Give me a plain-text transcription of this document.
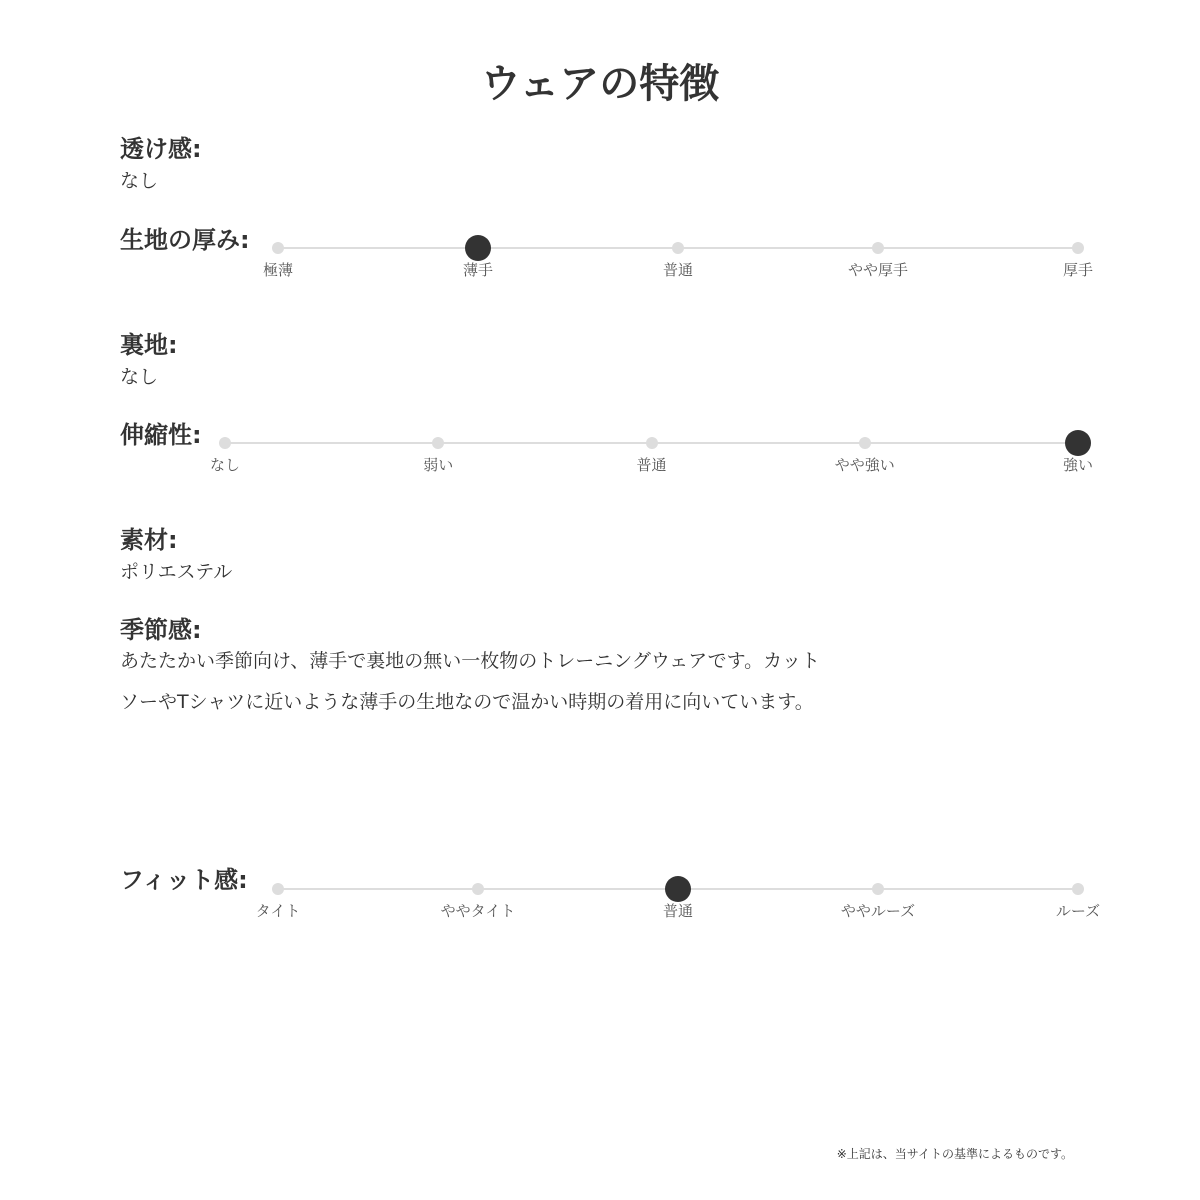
ウェアの特徴
透け感:
なし
生地の厚み:
裏地:
なし
伸縮性:
素材:
ポリエステル
季節感:

あたたかい季節向け、薄手で裏地の無い一枚物のトレーニングウェアです。カット

ソーやTシャツに近いような薄手の生地なので温かい時期の着用に向いています。

フィット感:
※上記は、当サイトの基準によるものです。
極薄	薄手	普通	やや厚手	厚手
なし	弱い	普通	やや強い	強い
タイト	ややタイト	普通	ややルーズ	ルーズ
